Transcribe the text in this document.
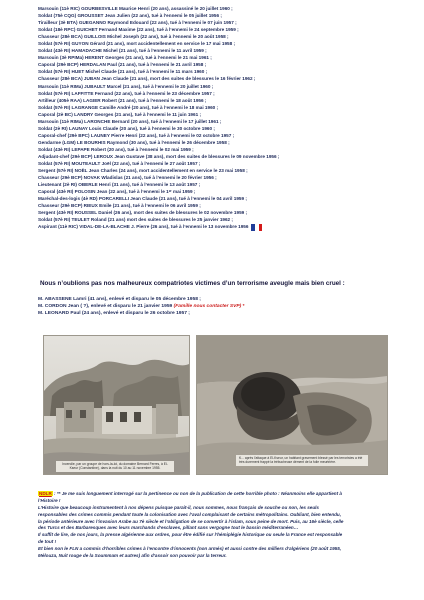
Marsouin (11è RIC) GOURBESVILLE Maurice Henri (20 ans), assassiné le 20 juillet 1960 ;
Soldat (75è CQG) GROUSSET Jean Julien (22 ans), tué à l’ennemi le 05 juillet 1956 ;
Tirailleur (3è BTA) GUEGANNO Raymond Edouard (22 ans), tué à l’ennemi le 07 juin 1957 ;
Soldat (18è RPC) GUICHET Fernand Maxime (22 ans), tué à l’ennemi le 24 septembre 1959 ;
Chasseur (28è BCA) GUILLOIS Michel Joseph (22 ans), tué à l’ennemi le 20 août 1958 ;
Soldat (57è RI) GUYON Gérard (21 ans), mort accidentellement en service le 17 mai 1958 ;
Soldat (43è RI) HAMADACHE Michel (21 ans), tué à l’ennemi le 11 avril 1959 ;
Marsouin (3è RPIMa) HERENT Georges (21 ans), tué à l’ennemi le 21 mai 1961 ;
Caporal (29è BCP) HERDALAN Paul (21 ans), tué à l’ennemi le 21 avril 1958 ;
Soldat (57è RI) HUET Michel Claude (21 ans), tué à l’ennemi le 11 mars 1960 ;
Chasseur (28è BCA) JUBAN Jean Claude (21 ans), mort des suites de blessures le 16 février 1962 ;
Marsouin (11è RIMa) JUBAULT Marcel (21 ans), tué à l’ennemi le 20 juillet 1960 ;
Soldat (57è RI) LAFFITTE Fernand (22 ans), tué à l’ennemi le 23 décembre 1957 ;
Artilleur (405è RAA) LAGIER Robert (21 ans), tué à l’ennemi le 18 août 1956 ;
Soldat (57è RI) LAGRANGE Camille André (20 ans), tué à l’ennemi le 18 mai 1960 ;
Caporal (2è BC) LANDRY Georges (21 ans), tué à l’ennemi le 11 juin 1961 ;
Marsouin (11è RIMa) LARONCHE Bernard (20 ans), tué à l’ennemi le 17 juillet 1961 ;
Soldat (2è RI) LAUNAY Louis Claude (20 ans), tué à l’ennemi le 30 octobre 1960 ;
Caporal-chef (29è BPC) LAUNEY Pierre Henri (22 ans), tué à l’ennemi le 02 octobre 1957 ;
Gendarme (LGM) LE BOURHIS Raymond (30 ans), tué à l’ennemi le 26 décembre 1958 ;
Soldat (43è RI) LEPAPE Robert (20 ans), tué à l’ennemi le 02 mai 1959 ;
Adjudant-chef (29è BCP) LEROUX Jean Gustave (38 ans), mort des suites de blessures le 09 novembre 1956 ;
Soldat (57è RI) MOUTEAULT Joël (22 ans), tué à l’ennemi le 27 août 1957 ;
Sergent (57è RI) NOËL Jean Charles (24 ans), mort accidentellement en service le 23 mai 1958 ;
Chasseur (29è BCP) NOVAK Wladislas (21 ans), tué à l’ennemi le 20 février 1956 ;
Lieutenant (2è RI) OBERLE Henri (31 ans), tué à l’ennemi le 13 août 1957 ;
Caporal (43è RI) POLOSIN Jean (22 ans), tué à l’ennemi le 1ᵉʳ mai 1959 ;
Maréchal-des-logis (4è RD) PORCARELLI Jean Claude (21 ans), tué à l’ennemi le 04 avril 1959 ;
Chasseur (29è BCP) RIEUX Emile (21 ans), tué à l’ennemi le 06 avril 1959 ;
Sergent (43è RI) ROUSSEL Daniel (26 ans), mort des suites de blessures le 02 novembre 1959 ;
Soldat (57è RI) TEULET Roland (21 ans) mort des suites de blessures le 25 janvier 1962 ;
Aspirant (11è RIC) VIDAL-DE-LA-BLACHE J. Pierre (26 ans), tué à l’ennemi le 13 novembre 1956
Nous n’oublions pas nos malheureux compatriotes victimes d’un terrorisme aveugle mais bien cruel :
M. ABASSENE Lamri (41 ans), enlevé et disparu le 05 décembre 1958 ;
M. CORDON Jean ( ?), enlevé et disparu le 21 janvier 1959 (Famille nous contacter SVP) *
M. LEONARD Paul (24 ans), enlevé et disparu le 26 octobre 1957 ;
Incendie, par un groupe de hors-la-loi, du domaine Bernard Ferres, à El-Kseur (Constantine), dans la nuit du 10 au 11 novembre 1955.
K... après l’attaque à El-Kseur, un habitant gravement blessé par les terroristes a été très durement frappé la trébucheuse dément de la folie meurtrière.
NDLR : ** Je me suis longuement interrogé sur la pertinence ou non de la publication de cette horrible photo : Néanmoins elle appartient à
l’Histoire !
L’Histoire que beaucoup instrumentent à nos dépens puisque parait-il, nous sommes, nous français de souche ou non, les seuls
responsables des crimes commis pendant toute la colonisation avec l’aval complaisant de certains métropolitains. Oubliant, bien entendu,
la période antérieure avec l’invasion Arabe au 7è siècle et l’obligation de se convertir à l’islam, sous peine de mort. Puis, au 16è siècle, celle
des Turcs et des Barbaresques avec leurs marchands d’esclaves, pillant sans vergogne tout le bassin méditerranéen…
Il suffit de lire, de nos jours, la presse algérienne aux ordres, pour être édifié sur l’hémiplégie historique ou seule la France est responsable
de tout !
Et bien non le FLN a commis d’horribles crimes à l’encontre d’innocents (non armés) et aussi contre des milliers d’algériens (20 août 1955,
Mélouza, Nuit rouge de la Soummam et autres) afin d’assoir son pouvoir par la terreur.
